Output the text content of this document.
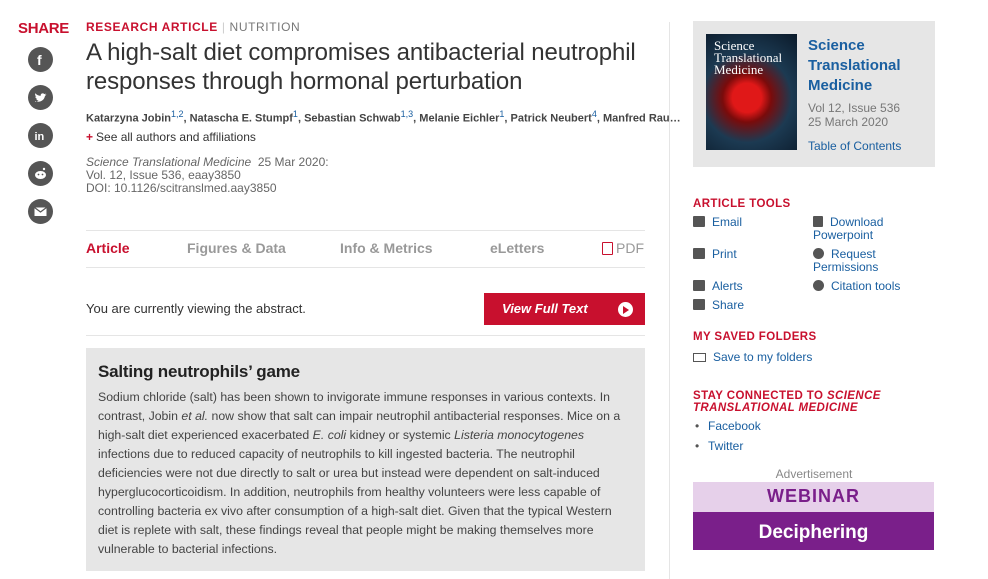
SHARE
f
in
RESEARCH ARTICLE | NUTRITION
A high-salt diet compromises antibacterial neutrophil responses through hormonal perturbation
Katarzyna Jobin$^{1,2}$, Natascha E. Stumpf$^1$, Sebastian Schwab$^{1,3}$, Melanie Eichler$^1$, Patrick Neubert$^4$, Manfred Rau…
+ See all authors and affiliations
Science Translational Medicine 25 Mar 2020:
Vol. 12, Issue 536, eaay3850
DOI: 10.1126/scitranslmed.aay3850
Article	Figures & Data	Info & Metrics	eLetters	PDF
You are currently viewing the abstract.	View Full Text
Salting neutrophils’ game

Sodium chloride (salt) has been shown to invigorate immune responses in various contexts. In contrast, Jobin et al. now show that salt can impair neutrophil antibacterial responses. Mice on a high-salt diet experienced exacerbated E. coli kidney or systemic Listeria monocytogenes infections due to reduced capacity of neutrophils to kill ingested bacteria. The neutrophil deficiencies were not due directly to salt or urea but instead were dependent on salt-induced hyperglucocorticoidism. In addition, neutrophils from healthy volunteers were less capable of controlling bacteria ex vivo after consumption of a high-salt diet. Given that the typical Western diet is replete with salt, these findings reveal that people might be making themselves more vulnerable to bacterial infections.

Science Translational Medicine
Science Translational Medicine
Vol 12, Issue 536
25 March 2020
Table of Contents
ARTICLE TOOLS
Email	Download Powerpoint
Print	Request Permissions
Alerts	Citation tools
Share
MY SAVED FOLDERS
Save to my folders
STAY CONNECTED TO SCIENCE TRANSLATIONAL MEDICINE
• Facebook
• Twitter
Advertisement
WEBINAR
Deciphering
